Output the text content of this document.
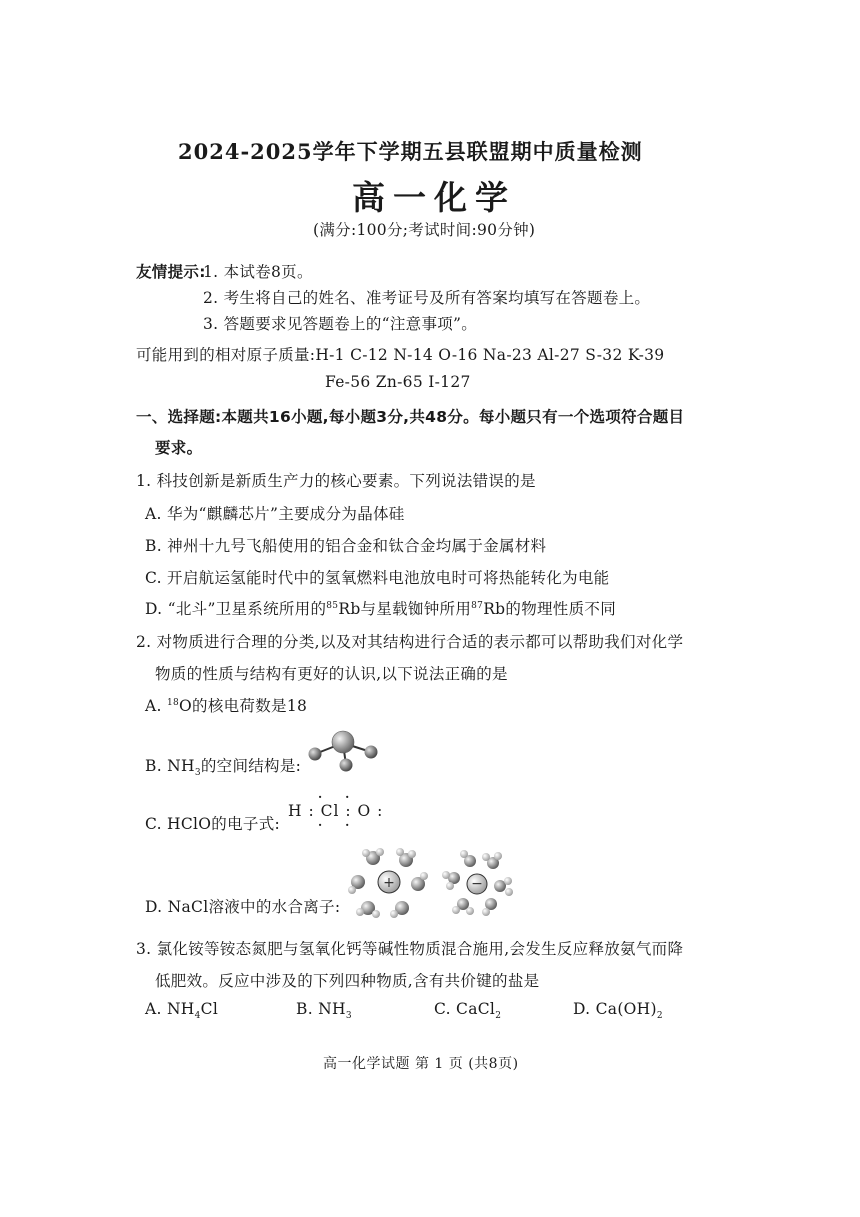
2024-2025学年下学期五县联盟期中质量检测
高一化学
(满分:100分;考试时间:90分钟)
友情提示:
1. 本试卷8页。
2. 考生将自己的姓名、准考证号及所有答案均填写在答题卷上。
3. 答题要求见答题卷上的“注意事项”。
可能用到的相对原子质量:H-1 C-12 N-14 O-16 Na-23 Al-27 S-32 K-39
Fe-56 Zn-65 I-127
一、选择题:本题共16小题,每小题3分,共48分。每小题只有一个选项符合题目
要求。
1. 科技创新是新质生产力的核心要素。下列说法错误的是
A. 华为“麒麟芯片”主要成分为晶体硅
B. 神州十九号飞船使用的铝合金和钛合金均属于金属材料
C. 开启航运氢能时代中的氢氧燃料电池放电时可将热能转化为电能
D. “北斗”卫星系统所用的$^{85}$Rb与星载铷钟所用$^{87}$Rb的物理性质不同
2. 对物质进行合理的分类,以及对其结构进行合适的表示都可以帮助我们对化学
物质的性质与结构有更好的认识,以下说法正确的是
A. $^{18}$O的核电荷数是18
B. $NH_3$的空间结构是:
C. HClO的电子式:
H : Cl : O :
··
··
D. NaCl溶液中的水合离子:
+	−
3. 氯化铵等铵态氮肥与氢氧化钙等碱性物质混合施用,会发生反应释放氨气而降
低肥效。反应中涉及的下列四种物质,含有共价键的盐是
A. $NH_4Cl$	B. $NH_3$	C. CaCl$_2$	D. $Ca(OH)_2$
高一化学试题 第 1 页 (共8页)
